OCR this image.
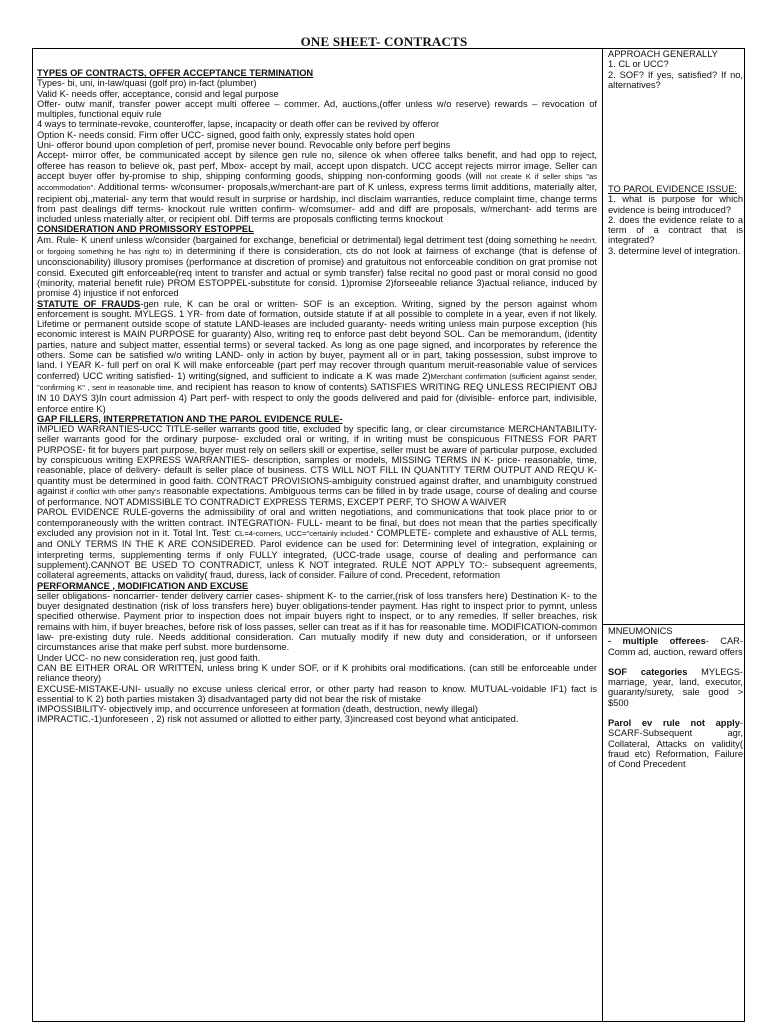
ONE SHEET- CONTRACTS

TYPES OF CONTRACTS, OFFER ACCEPTANCE TERMINATION

Types- bi, uni, in-law/quasi (golf pro) in-fact (plumber)

Valid K- needs offer, acceptance, consid and legal purpose

Offer- outw manif, transfer power accept multi offeree – commer. Ad, auctions,(offer unless w/o reserve) rewards – revocation of multiples, functional equiv rule

4 ways to terminate-revoke, counteroffer, lapse, incapacity or death offer can be revived by offeror

Option K- needs consid. Firm offer UCC- signed, good faith only, expressly states hold open

Uni- offeror bound upon completion of perf, promise never bound. Revocable only before perf begins

Accept- mirror offer, be communicated accept by silence gen rule no, silence ok when offeree talks benefit, and had opp to reject, offeree has reason to believe ok, past perf, Mbox- accept by mail, accept upon dispatch. UCC accept rejects mirror image. Seller can accept buyer offer by-promise to ship, shipping conforming goods, shipping non-conforming goods (will not create K if seller ships "as accommodation". Additional terms- w/consumer- proposals,w/merchant-are part of K unless, express terms limit additions, materially alter, recipient obj.,material- any term that would result in surprise or hardship, incl disclaim warranties, reduce complaint time, change terms from past dealings diff terms- knockout rule written confirm- w/comsumer- add and diff are proposals, w/merchant- add terms are included unless materially alter, or recipient obl. Diff terms are proposals conflicting terms knockout

CONSIDERATION AND PROMISSORY ESTOPPEL

Am. Rule- K unenf unless w/consider (bargained for exchange, beneficial or detrimental) legal detriment test (doing something he needn't, or forgoing something he has right to) in determining if there is consideration, cts do not look at fairness of exchange (that is defense of unconscionability) illusory promises (performance at discretion of promise) and gratuitous not enforceable condition on grat promise not consid. Executed gift enforceable(req intent to transfer and actual or symb transfer) false recital no good past or moral consid no good (minority, material benefit rule) PROM ESTOPPEL-substitute for consid. 1)promise 2)forseeable reliance 3)actual reliance, induced by promise 4) injustice if not enforced

STATUTE OF FRAUDS-gen rule, K can be oral or written- SOF is an exception. Writing, signed by the person against whom enforcement is sought. MYLEGS. 1 YR- from date of formation, outside statute if at all possible to complete in a year, even if not likely. Lifetime or permanent outside scope of statute LAND-leases are included guaranty- needs writing unless main purpose exception (his economic interest is MAIN PURPOSE for guaranty) Also, writing req to enforce past debt beyond SOL. Can be memorandum, (identity parties, nature and subject matter, essential terms) or several tacked. As long as one page signed, and incorporates by reference the others. Some can be satisfied w/o writing LAND- only in action by buyer, payment all or in part, taking possession, subst improve to land. I YEAR K- full perf on oral K will make enforceable (part perf may recover through quantum meruit-reasonable value of services conferred) UCC writing satisfied- 1) writing(signed, and sufficient to indicate a K was made 2)Merchant confirmation (sufficient against sender, "confirming K" , sent in reasonable time, and recipient has reason to know of contents) SATISFIES WRITING REQ UNLESS RECIPIENT OBJ IN 10 DAYS 3)In court admission 4) Part perf- with respect to only the goods delivered and paid for (divisible- enforce part, indivisible, enforce entire K)

GAP FILLERS, INTERPRETATION AND THE PAROL EVIDENCE RULE-

IMPLIED WARRANTIES-UCC TITLE-seller warrants good title, excluded by specific lang, or clear circumstance MERCHANTABILITY- seller warrants good for the ordinary purpose- excluded oral or writing, if in writing must be conspicuous FITNESS FOR PART PURPOSE- fit for buyers part purpose, buyer must rely on sellers skill or expertise, seller must be aware of particular purpose, excluded by conspicuous writing EXPRESS WARRANTIES- description, samples or models, MISSING TERMS IN K- price- reasonable, time, reasonable, place of delivery- default is seller place of business. CTS WILL NOT FILL IN QUANTITY TERM OUTPUT AND REQU K- quantity must be determined in good faith. CONTRACT PROVISIONS-ambiguity construed against drafter, and unambiguity construed against if conflict with other party's reasonable expectations. Ambiguous terms can be filled in by trade usage, course of dealing and course of performance. NOT ADMISSIBLE TO CONTRADICT EXPRESS TERMS, EXCEPT PERF, TO SHOW A WAIVER

PAROL EVIDENCE RULE-governs the admissibility of oral and written negotiations, and communications that took place prior to or contemporaneously with the written contract. INTEGRATION- FULL- meant to be final, but does not mean that the parties specifically excluded any provision not in it. Total Int. Test: CL=4-corners, UCC="certainly included." COMPLETE- complete and exhaustive of ALL terms, and ONLY TERMS IN THE K ARE CONSIDERED. Parol evidence can be used for: Determining level of integration, explaining or interpreting terms, supplementing terms if only FULLY integrated, (UCC-trade usage, course of dealing and performance can supplement).CANNOT BE USED TO CONTRADICT, unless K NOT integrated. RULE NOT APPLY TO:- subsequent agreements, collateral agreements, attacks on validity( fraud, duress, lack of consider. Failure of cond. Precedent, reformation

PERFORMANCE , MODIFICATION AND EXCUSE

seller obligations- noncarrier- tender delivery carrier cases- shipment K- to the carrier,(risk of loss transfers here) Destination K- to the buyer designated destination (risk of loss transfers here) buyer obligations-tender payment. Has right to inspect prior to pymnt, unless specified otherwise. Payment prior to inspection does not impair buyers right to inspect, or to any remedies. If seller breaches, risk remains with him, if buyer breaches, before risk of loss passes, seller can treat as if it has for reasonable time. MODIFICATION-common law- pre-existing duty rule. Needs additional consideration. Can mutually modify if new duty and consideration, or if unforseen circumstances arise that make perf subst. more burdensome.

Under UCC- no new consideration req, just good faith.

CAN BE EITHER ORAL OR WRITTEN, unless bring K under SOF, or if K prohibits oral modifications. (can still be enforceable under reliance theory)

EXCUSE-MISTAKE-UNI- usually no excuse unless clerical error, or other party had reason to know. MUTUAL-voidable IF1) fact is essential to K 2) both parties mistaken 3) disadvantaged party did not bear the risk of mistake

IMPOSSIBILITY- objectively imp, and occurrence unforeseen at formation (death, destruction, newly illegal)

IMPRACTIC.-1)unforeseen , 2) risk not assumed or allotted to either party, 3)increased cost beyond what anticipated.

APPROACH GENERALLY

1. CL or UCC?

2. SOF? If yes, satisfied? If no, alternatives?

TO PAROL EVIDENCE ISSUE:

1. what is purpose for which evidence is being introduced?

2. does the evidence relate to a term of a contract that is integrated?

3. determine level of integration.

MNEUMONICS

- multiple offerees- CAR- Comm ad, auction, reward offers

SOF categories MYLEGS- marriage, year, land, executor, guaranty/surety, sale good > $500

Parol ev rule not apply- SCARF-Subsequent agr, Collateral, Attacks on validity( fraud etc) Reformation, Failure of Cond Precedent
